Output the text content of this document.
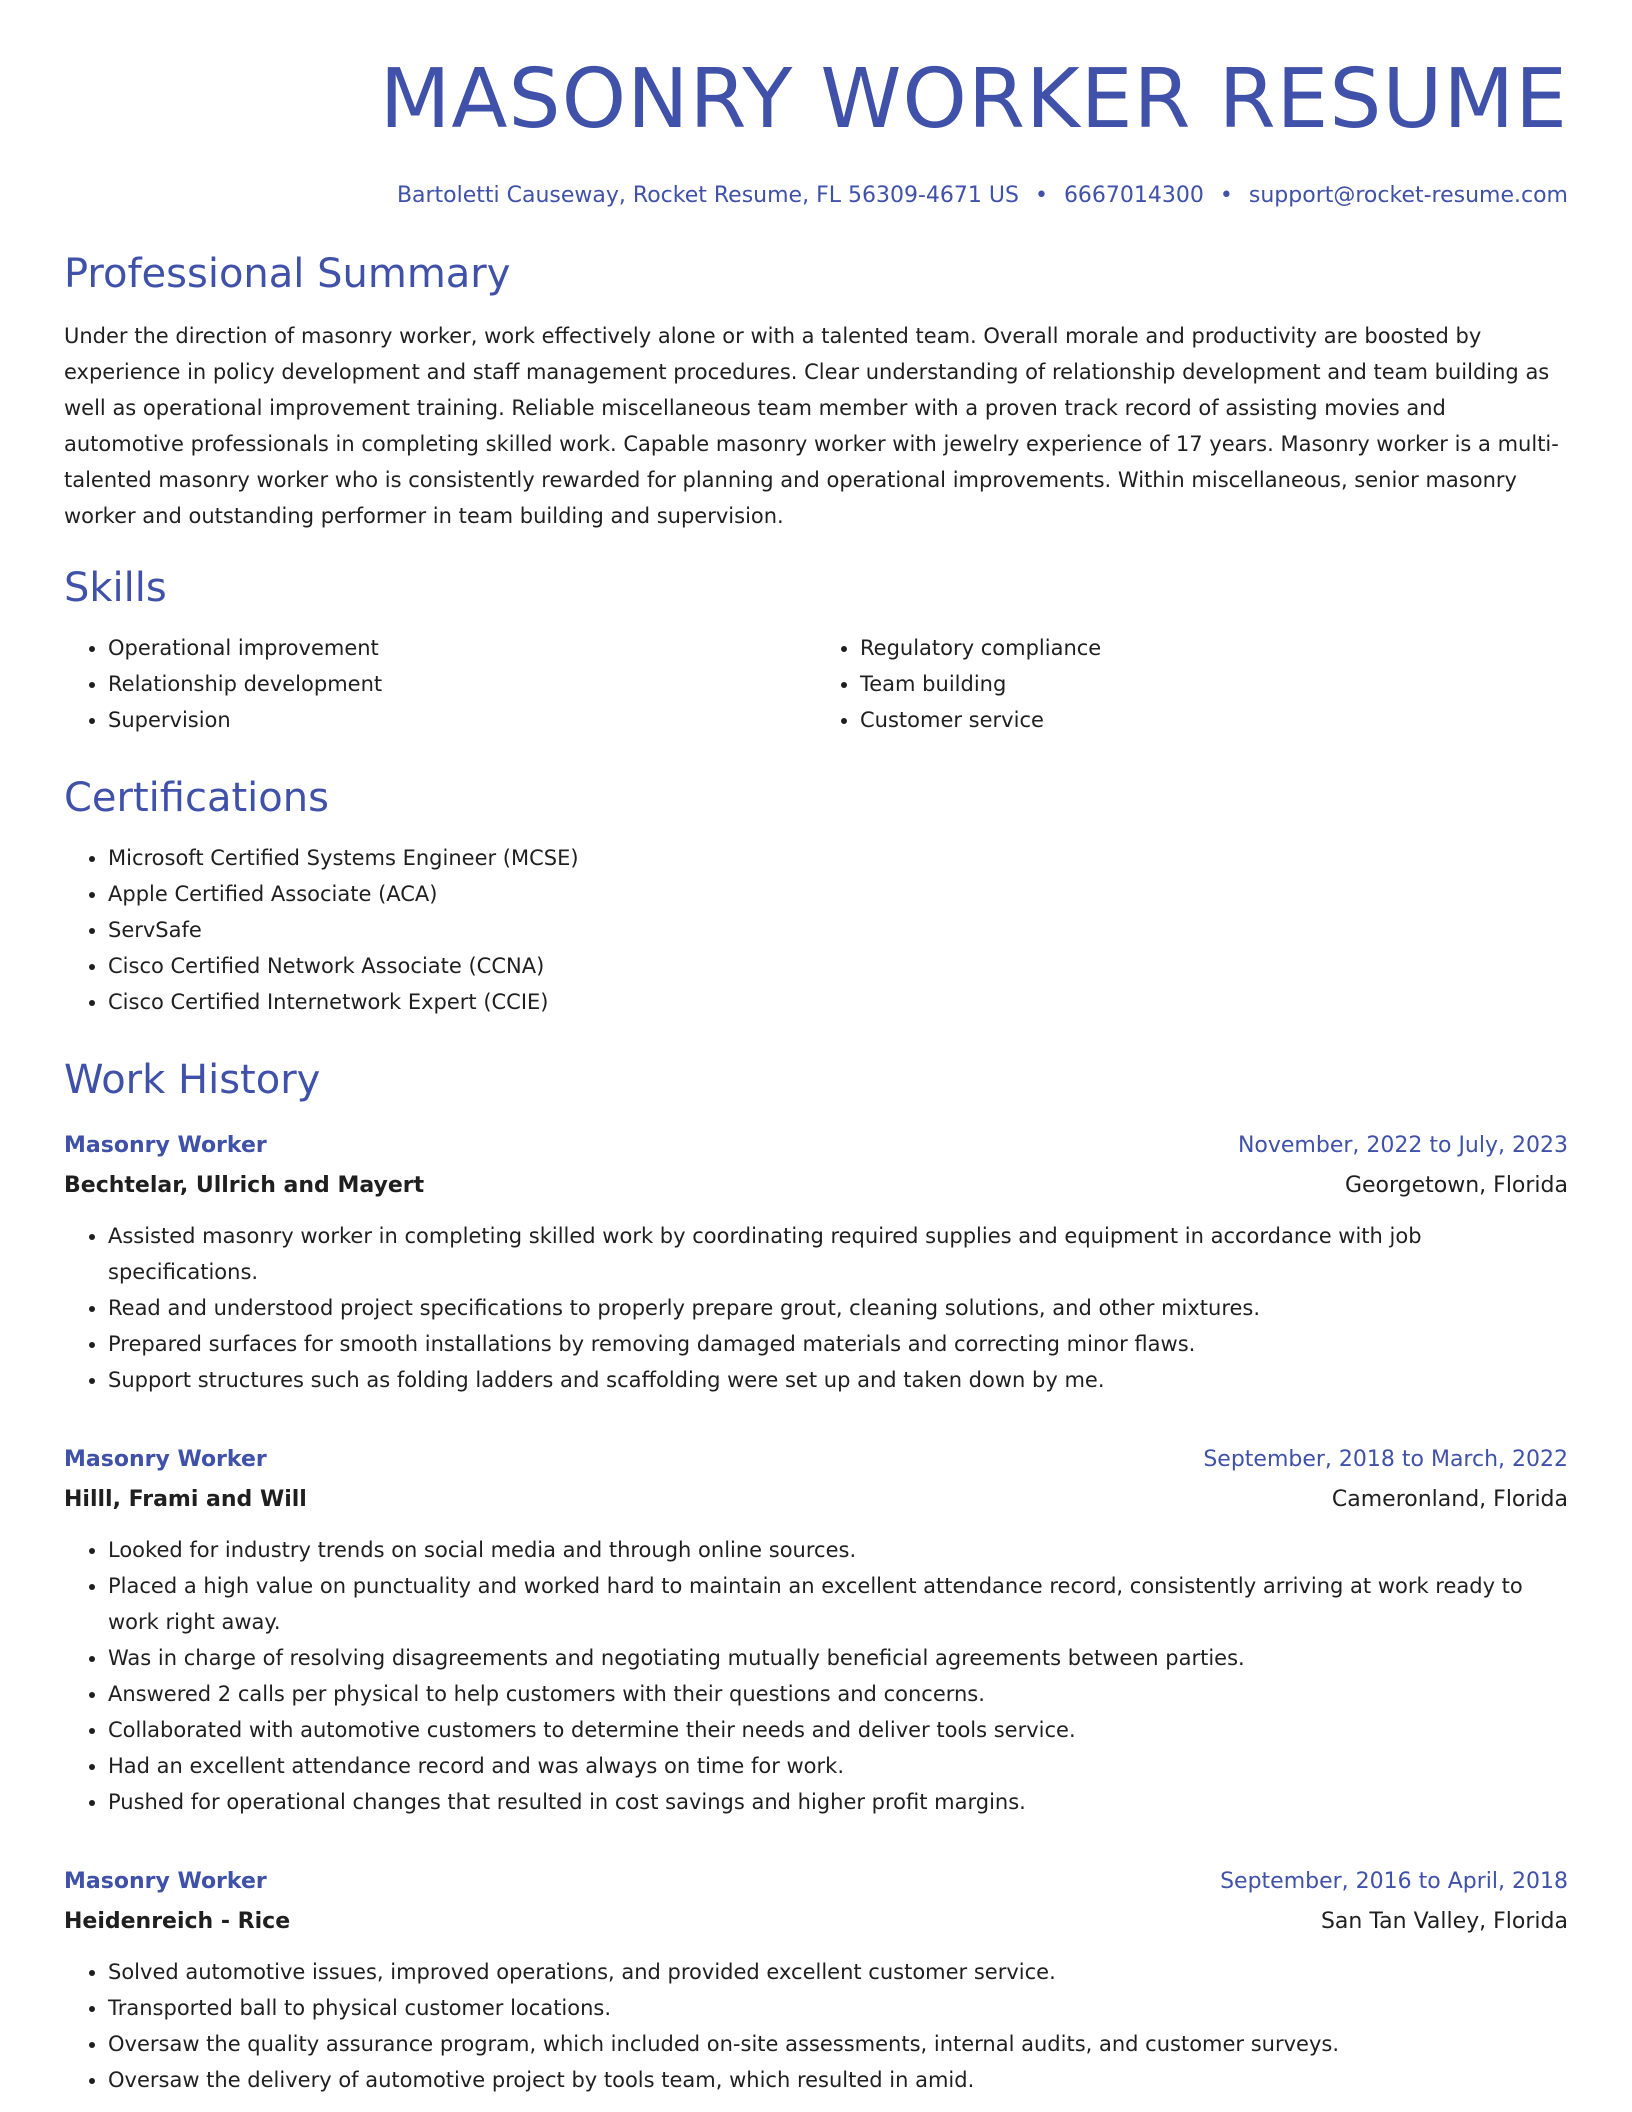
MASONRY WORKER RESUME
Bartoletti Causeway, Rocket Resume, FL 56309-4671 US • 6667014300 • support@rocket-resume.com
Professional Summary

Under the direction of masonry worker, work effectively alone or with a talented team. Overall morale and productivity are boosted by experience in policy development and staff management procedures. Clear understanding of relationship development and team building as well as operational improvement training. Reliable miscellaneous team member with a proven track record of assisting movies and automotive professionals in completing skilled work. Capable masonry worker with jewelry experience of 17 years. Masonry worker is a multi-talented masonry worker who is consistently rewarded for planning and operational improvements. Within miscellaneous, senior masonry worker and outstanding performer in team building and supervision.

Skills
• Operational improvement
• Relationship development
• Supervision
• Regulatory compliance
• Team building
• Customer service
Certifications
• Microsoft Certified Systems Engineer (MCSE)
• Apple Certified Associate (ACA)
• ServSafe
• Cisco Certified Network Associate (CCNA)
• Cisco Certified Internetwork Expert (CCIE)
Work History
Masonry Worker	November, 2022 to July, 2023
Bechtelar, Ullrich and Mayert	Georgetown, Florida
• Assisted masonry worker in completing skilled work by coordinating required supplies and equipment in accordance with job specifications.
• Read and understood project specifications to properly prepare grout, cleaning solutions, and other mixtures.
• Prepared surfaces for smooth installations by removing damaged materials and correcting minor flaws.
• Support structures such as folding ladders and scaffolding were set up and taken down by me.
Masonry Worker	September, 2018 to March, 2022
Hilll, Frami and Will	Cameronland, Florida
• Looked for industry trends on social media and through online sources.
• Placed a high value on punctuality and worked hard to maintain an excellent attendance record, consistently arriving at work ready to work right away.
• Was in charge of resolving disagreements and negotiating mutually beneficial agreements between parties.
• Answered 2 calls per physical to help customers with their questions and concerns.
• Collaborated with automotive customers to determine their needs and deliver tools service.
• Had an excellent attendance record and was always on time for work.
• Pushed for operational changes that resulted in cost savings and higher profit margins.
Masonry Worker	September, 2016 to April, 2018
Heidenreich - Rice	San Tan Valley, Florida
• Solved automotive issues, improved operations, and provided excellent customer service.
• Transported ball to physical customer locations.
• Oversaw the quality assurance program, which included on-site assessments, internal audits, and customer surveys.
• Oversaw the delivery of automotive project by tools team, which resulted in amid.
